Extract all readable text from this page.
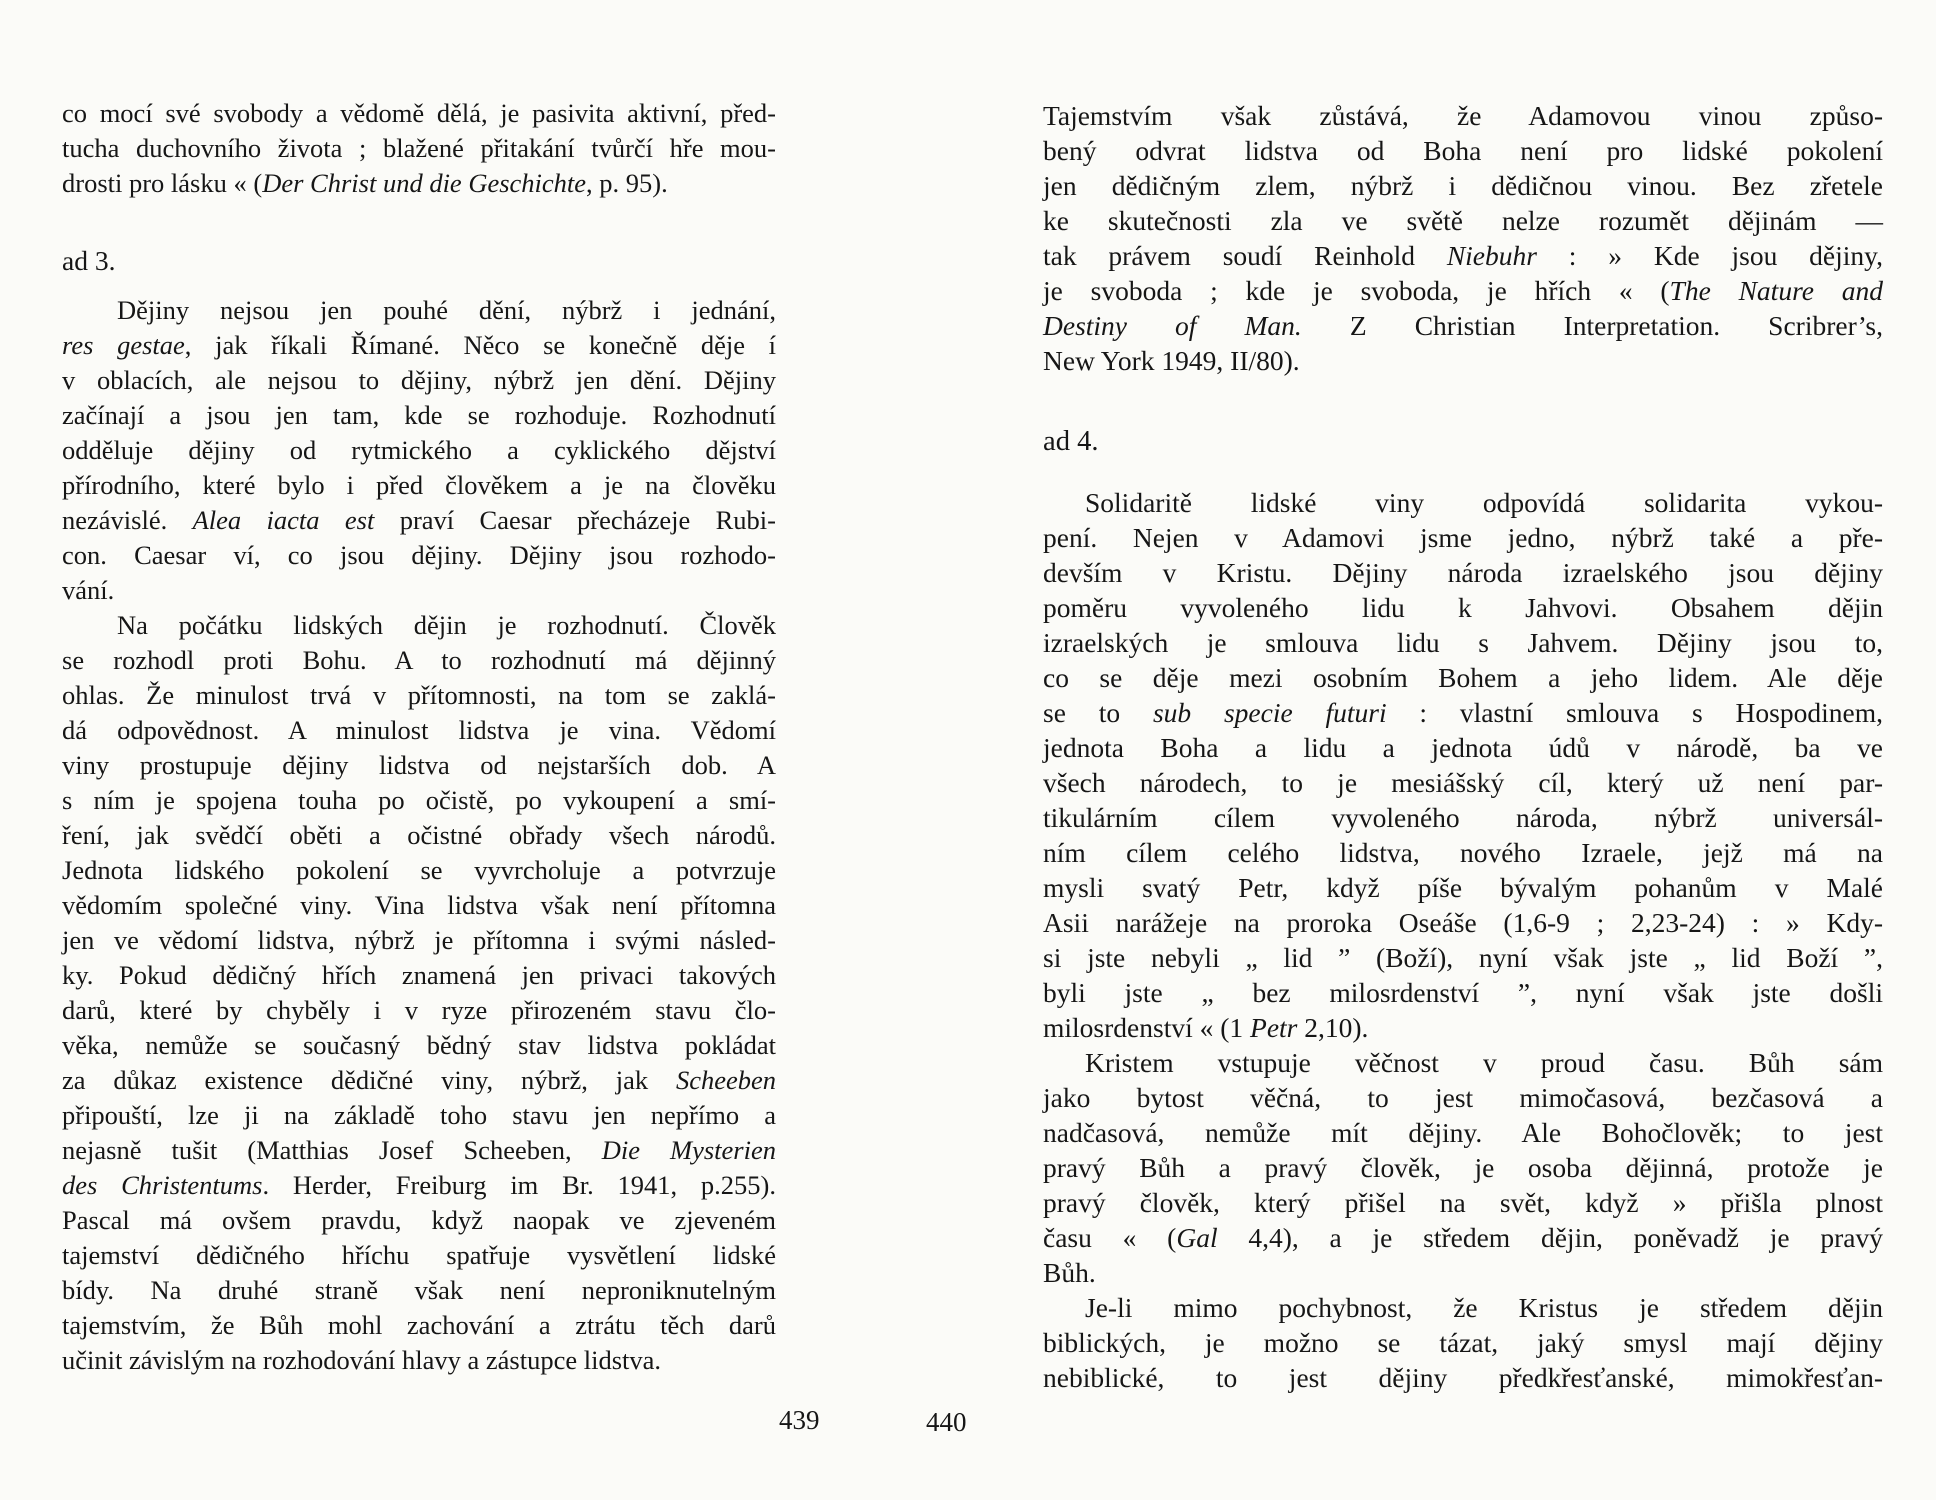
co mocí své svobody a vědomě dělá, je pasivita aktivní, před-
tucha duchovního života ; blažené přitakání tvůrčí hře mou-
drosti pro lásku « (Der Christ und die Geschichte, p. 95).
ad 3.
Dějiny nejsou jen pouhé dění, nýbrž i jednání,
res gestae, jak říkali Římané. Něco se konečně děje í
v oblacích, ale nejsou to dějiny, nýbrž jen dění. Dějiny
začínají a jsou jen tam, kde se rozhoduje. Rozhodnutí
odděluje dějiny od rytmického a cyklického dějství
přírodního, které bylo i před člověkem a je na člověku
nezávislé. Alea iacta est praví Caesar přecházeje Rubi-
con. Caesar ví, co jsou dějiny. Dějiny jsou rozhodo-
vání.
Na počátku lidských dějin je rozhodnutí. Člověk
se rozhodl proti Bohu. A to rozhodnutí má dějinný
ohlas. Že minulost trvá v přítomnosti, na tom se zaklá-
dá odpovědnost. A minulost lidstva je vina. Vědomí
viny prostupuje dějiny lidstva od nejstarších dob. A
s ním je spojena touha po očistě, po vykoupení a smí-
ření, jak svědčí oběti a očistné obřady všech národů.
Jednota lidského pokolení se vyvrcholuje a potvrzuje
vědomím společné viny. Vina lidstva však není přítomna
jen ve vědomí lidstva, nýbrž je přítomna i svými násled-
ky. Pokud dědičný hřích znamená jen privaci takových
darů, které by chyběly i v ryze přirozeném stavu člo-
věka, nemůže se současný bědný stav lidstva pokládat
za důkaz existence dědičné viny, nýbrž, jak Scheeben
připouští, lze ji na základě toho stavu jen nepřímo a
nejasně tušit (Matthias Josef Scheeben, Die Mysterien
des Christentums. Herder, Freiburg im Br. 1941, p.255).
Pascal má ovšem pravdu, když naopak ve zjeveném
tajemství dědičného hříchu spatřuje vysvětlení lidské
bídy. Na druhé straně však není neproniknutelným
tajemstvím, že Bůh mohl zachování a ztrátu těch darů
učinit závislým na rozhodování hlavy a zástupce lidstva.
439
Tajemstvím však zůstává, že Adamovou vinou způso-
bený odvrat lidstva od Boha není pro lidské pokolení
jen dědičným zlem, nýbrž i dědičnou vinou. Bez zřetele
ke skutečnosti zla ve světě nelze rozumět dějinám —
tak právem soudí Reinhold Niebuhr : » Kde jsou dějiny,
je svoboda ; kde je svoboda, je hřích « (The Nature and
Destiny of Man. Z Christian Interpretation. Scribrer’s,
New York 1949, II/80).
ad 4.
Solidaritě lidské viny odpovídá solidarita vykou-
pení. Nejen v Adamovi jsme jedno, nýbrž také a pře-
devším v Kristu. Dějiny národa izraelského jsou dějiny
poměru vyvoleného lidu k Jahvovi. Obsahem dějin
izraelských je smlouva lidu s Jahvem. Dějiny jsou to,
co se děje mezi osobním Bohem a jeho lidem. Ale děje
se to sub specie futuri : vlastní smlouva s Hospodinem,
jednota Boha a lidu a jednota údů v národě, ba ve
všech národech, to je mesiášský cíl, který už není par-
tikulárním cílem vyvoleného národa, nýbrž universál-
ním cílem celého lidstva, nového Izraele, jejž má na
mysli svatý Petr, když píše bývalým pohanům v Malé
Asii narážeje na proroka Oseáše (1,6-9 ; 2,23-24) : » Kdy-
si jste nebyli „ lid ” (Boží), nyní však jste „ lid Boží ”,
byli jste „ bez milosrdenství ”, nyní však jste došli
milosrdenství « (1 Petr 2,10).
Kristem vstupuje věčnost v proud času. Bůh sám
jako bytost věčná, to jest mimočasová, bezčasová a
nadčasová, nemůže mít dějiny. Ale Bohočlověk; to jest
pravý Bůh a pravý člověk, je osoba dějinná, protože je
pravý člověk, který přišel na svět, když » přišla plnost
času « (Gal 4,4), a je středem dějin, poněvadž je pravý
Bůh.
Je-li mimo pochybnost, že Kristus je středem dějin
biblických, je možno se tázat, jaký smysl mají dějiny
nebiblické, to jest dějiny předkřesťanské, mimokřesťan-
440
